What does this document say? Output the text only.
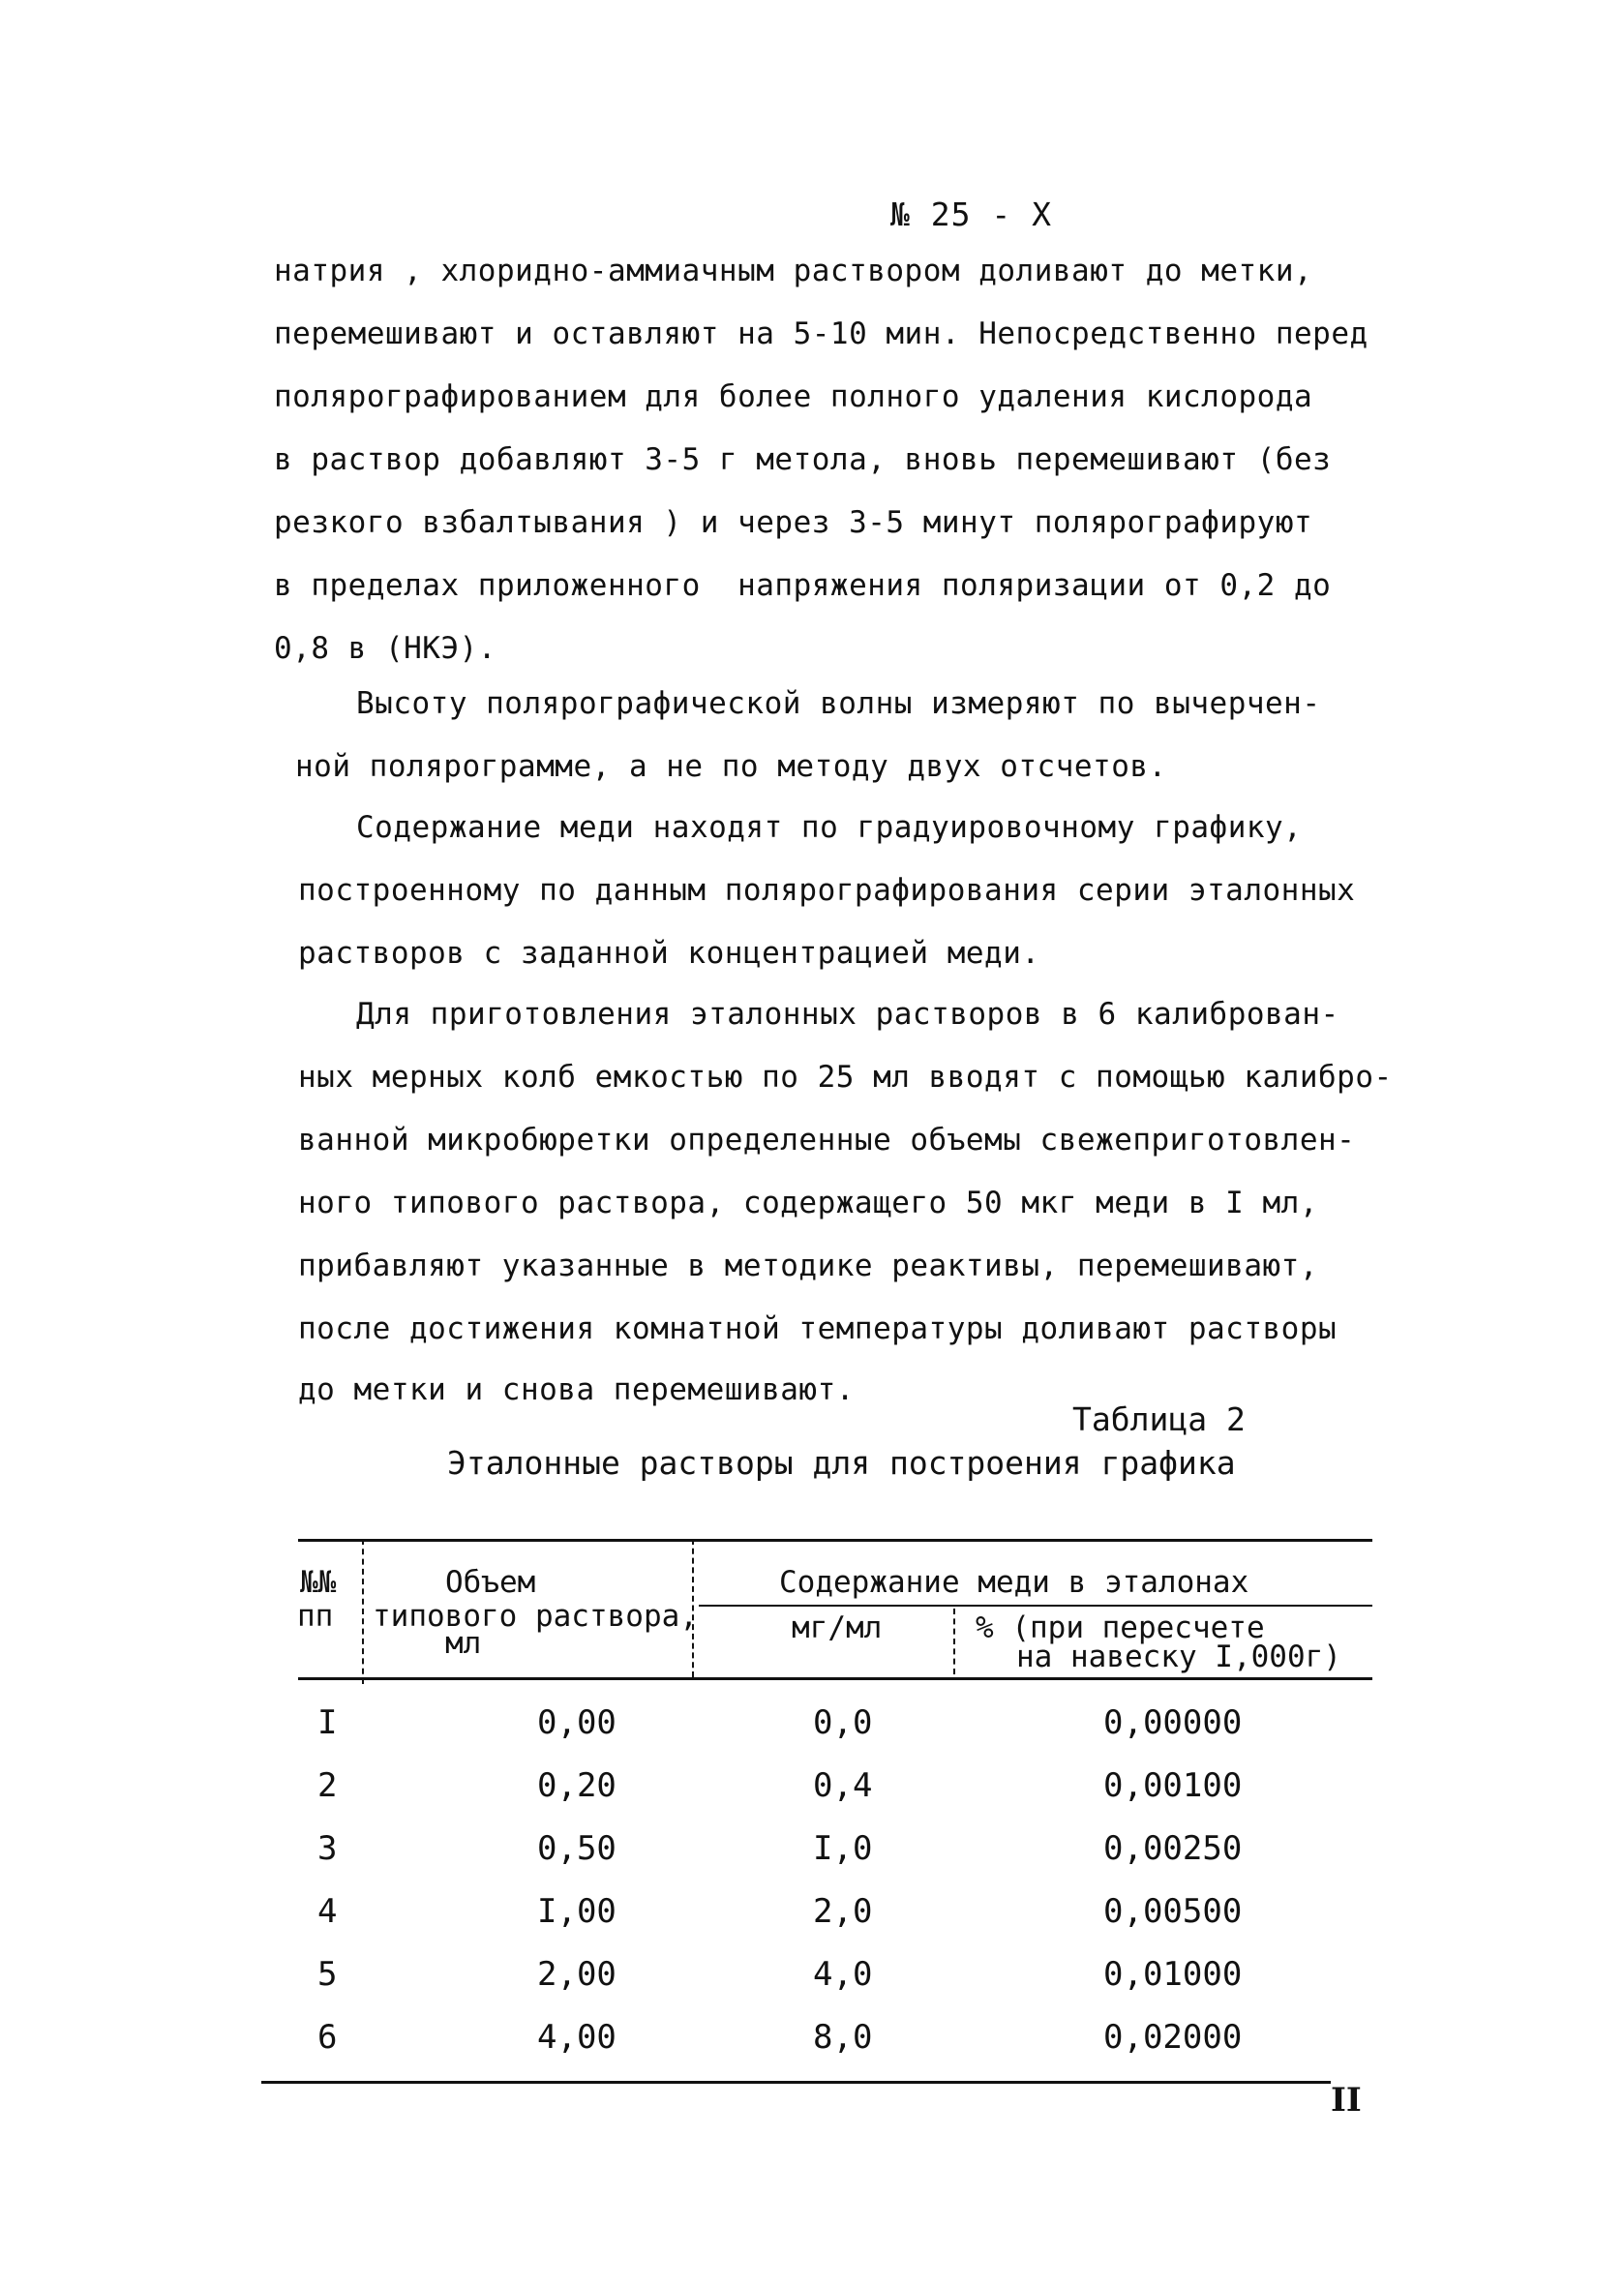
№ 25 - X
натрия , хлоридно-аммиачным раствором доливают до метки,
перемешивают и оставляют на 5-10 мин. Непосредственно перед
полярографированием для более полного удаления кислорода
в раствор добавляют 3-5 г метола, вновь перемешивают (без
резкого взбалтывания ) и через 3-5 минут полярографируют
в пределах приложенного  напряжения поляризации от 0,2 до
0,8 в (НКЭ).
Высоту полярографической волны измеряют по вычерчен-
ной полярограмме, а не по методу двух отсчетов.
Содержание меди находят по градуировочному графику,
построенному по данным полярографирования серии эталонных
растворов с заданной концентрацией меди.
Для приготовления эталонных растворов в 6 калиброван-
ных мерных колб емкостью по 25 мл вводят с помощью калибро-
ванной микробюретки определенные объемы свежеприготовлен-
ного типового раствора, содержащего 50 мкг меди в I мл,
прибавляют указанные в методике реактивы, перемешивают,
после достижения комнатной температуры доливают растворы
до метки и снова перемешивают.
Таблица 2
Эталонные растворы для построения графика
№№
пп
Объем
типового раствора,
мл
Содержание меди в эталонах
мг/мл	% (при пересчете
на навеску I,000г)
I	0,00	0,0	0,00000
2	0,20	0,4	0,00100
3	0,50	I,0	0,00250
4	I,00	2,0	0,00500
5	2,00	4,0	0,01000
6	4,00	8,0	0,02000
II
